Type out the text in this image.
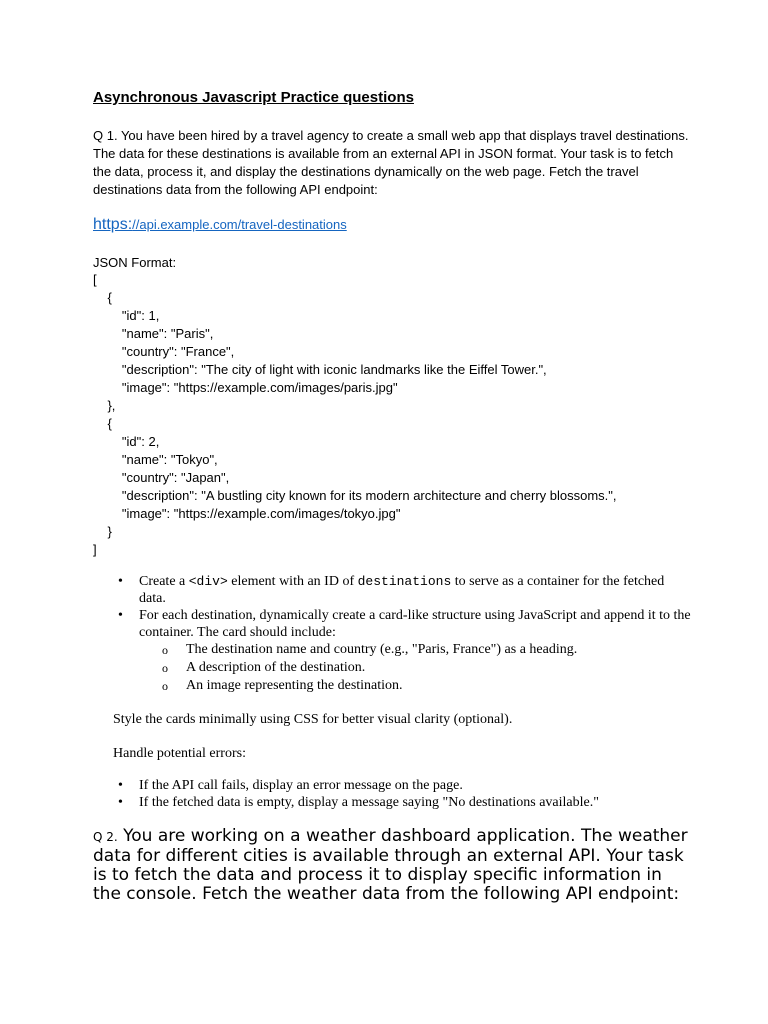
Asynchronous Javascript Practice questions

Q 1. You have been hired by a travel agency to create a small web app that displays travel destinations. The data for these destinations is available from an external API in JSON format. Your task is to fetch the data, process it, and display the destinations dynamically on the web page. Fetch the travel destinations data from the following API endpoint:

https://api.example.com/travel-destinations

JSON Format:

[
{
"id": 1,
"name": "Paris",
"country": "France",
"description": "The city of light with iconic landmarks like the Eiffel Tower.",
"image": "https://example.com/images/paris.jpg"
},
{
"id": 2,
"name": "Tokyo",
"country": "Japan",
"description": "A bustling city known for its modern architecture and cherry blossoms.",
"image": "https://example.com/images/tokyo.jpg"
}
]
• Create a <div> element with an ID of destinations to serve as a container for the fetched data.
• For each destination, dynamically create a card-like structure using JavaScript and append it to the container. The card should include:
o The destination name and country (e.g., "Paris, France") as a heading.
o A description of the destination.
o An image representing the destination.

Style the cards minimally using CSS for better visual clarity (optional).

Handle potential errors:

• If the API call fails, display an error message on the page.
• If the fetched data is empty, display a message saying "No destinations available."

Q 2. You are working on a weather dashboard application. The weather data for different cities is available through an external API. Your task is to fetch the data and process it to display specific information in the console. Fetch the weather data from the following API endpoint:
